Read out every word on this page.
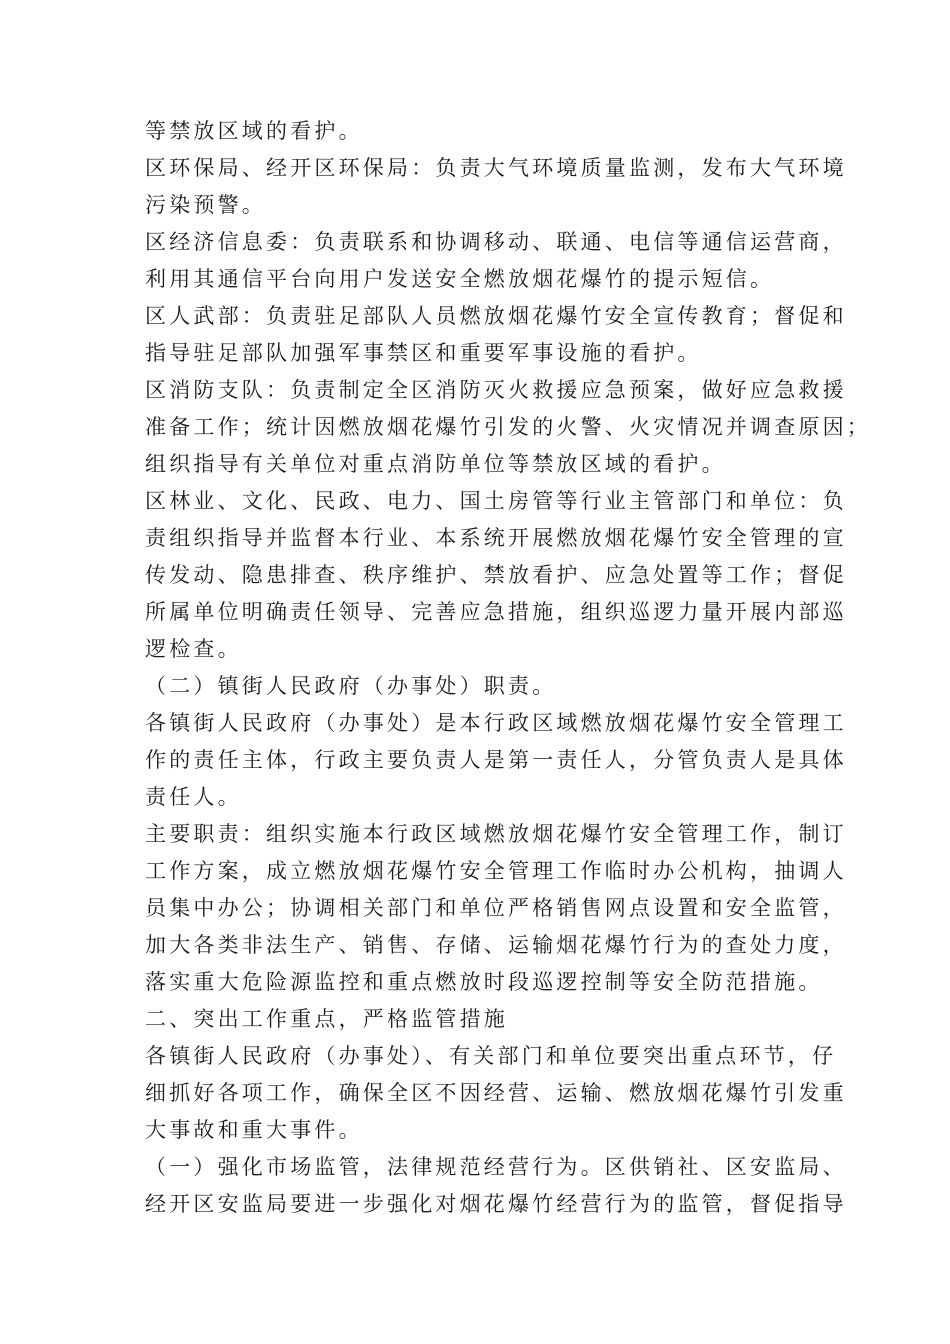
等禁放区域的看护。
区环保局、经开区环保局：负责大气环境质量监测，发布大气环境
污染预警。
区经济信息委：负责联系和协调移动、联通、电信等通信运营商，
利用其通信平台向用户发送安全燃放烟花爆竹的提示短信。
区人武部：负责驻足部队人员燃放烟花爆竹安全宣传教育；督促和
指导驻足部队加强军事禁区和重要军事设施的看护。
区消防支队：负责制定全区消防灭火救援应急预案，做好应急救援
准备工作；统计因燃放烟花爆竹引发的火警、火灾情况并调查原因；
组织指导有关单位对重点消防单位等禁放区域的看护。
区林业、文化、民政、电力、国土房管等行业主管部门和单位：负
责组织指导并监督本行业、本系统开展燃放烟花爆竹安全管理的宣
传发动、隐患排查、秩序维护、禁放看护、应急处置等工作；督促
所属单位明确责任领导、完善应急措施，组织巡逻力量开展内部巡
逻检查。
（二）镇街人民政府（办事处）职责。
各镇街人民政府（办事处）是本行政区域燃放烟花爆竹安全管理工
作的责任主体，行政主要负责人是第一责任人，分管负责人是具体
责任人。
主要职责：组织实施本行政区域燃放烟花爆竹安全管理工作，制订
工作方案，成立燃放烟花爆竹安全管理工作临时办公机构，抽调人
员集中办公；协调相关部门和单位严格销售网点设置和安全监管，
加大各类非法生产、销售、存储、运输烟花爆竹行为的查处力度，
落实重大危险源监控和重点燃放时段巡逻控制等安全防范措施。
二、突出工作重点，严格监管措施
各镇街人民政府（办事处）、有关部门和单位要突出重点环节，仔
细抓好各项工作，确保全区不因经营、运输、燃放烟花爆竹引发重
大事故和重大事件。
（一）强化市场监管，法律规范经营行为。区供销社、区安监局、
经开区安监局要进一步强化对烟花爆竹经营行为的监管，督促指导
